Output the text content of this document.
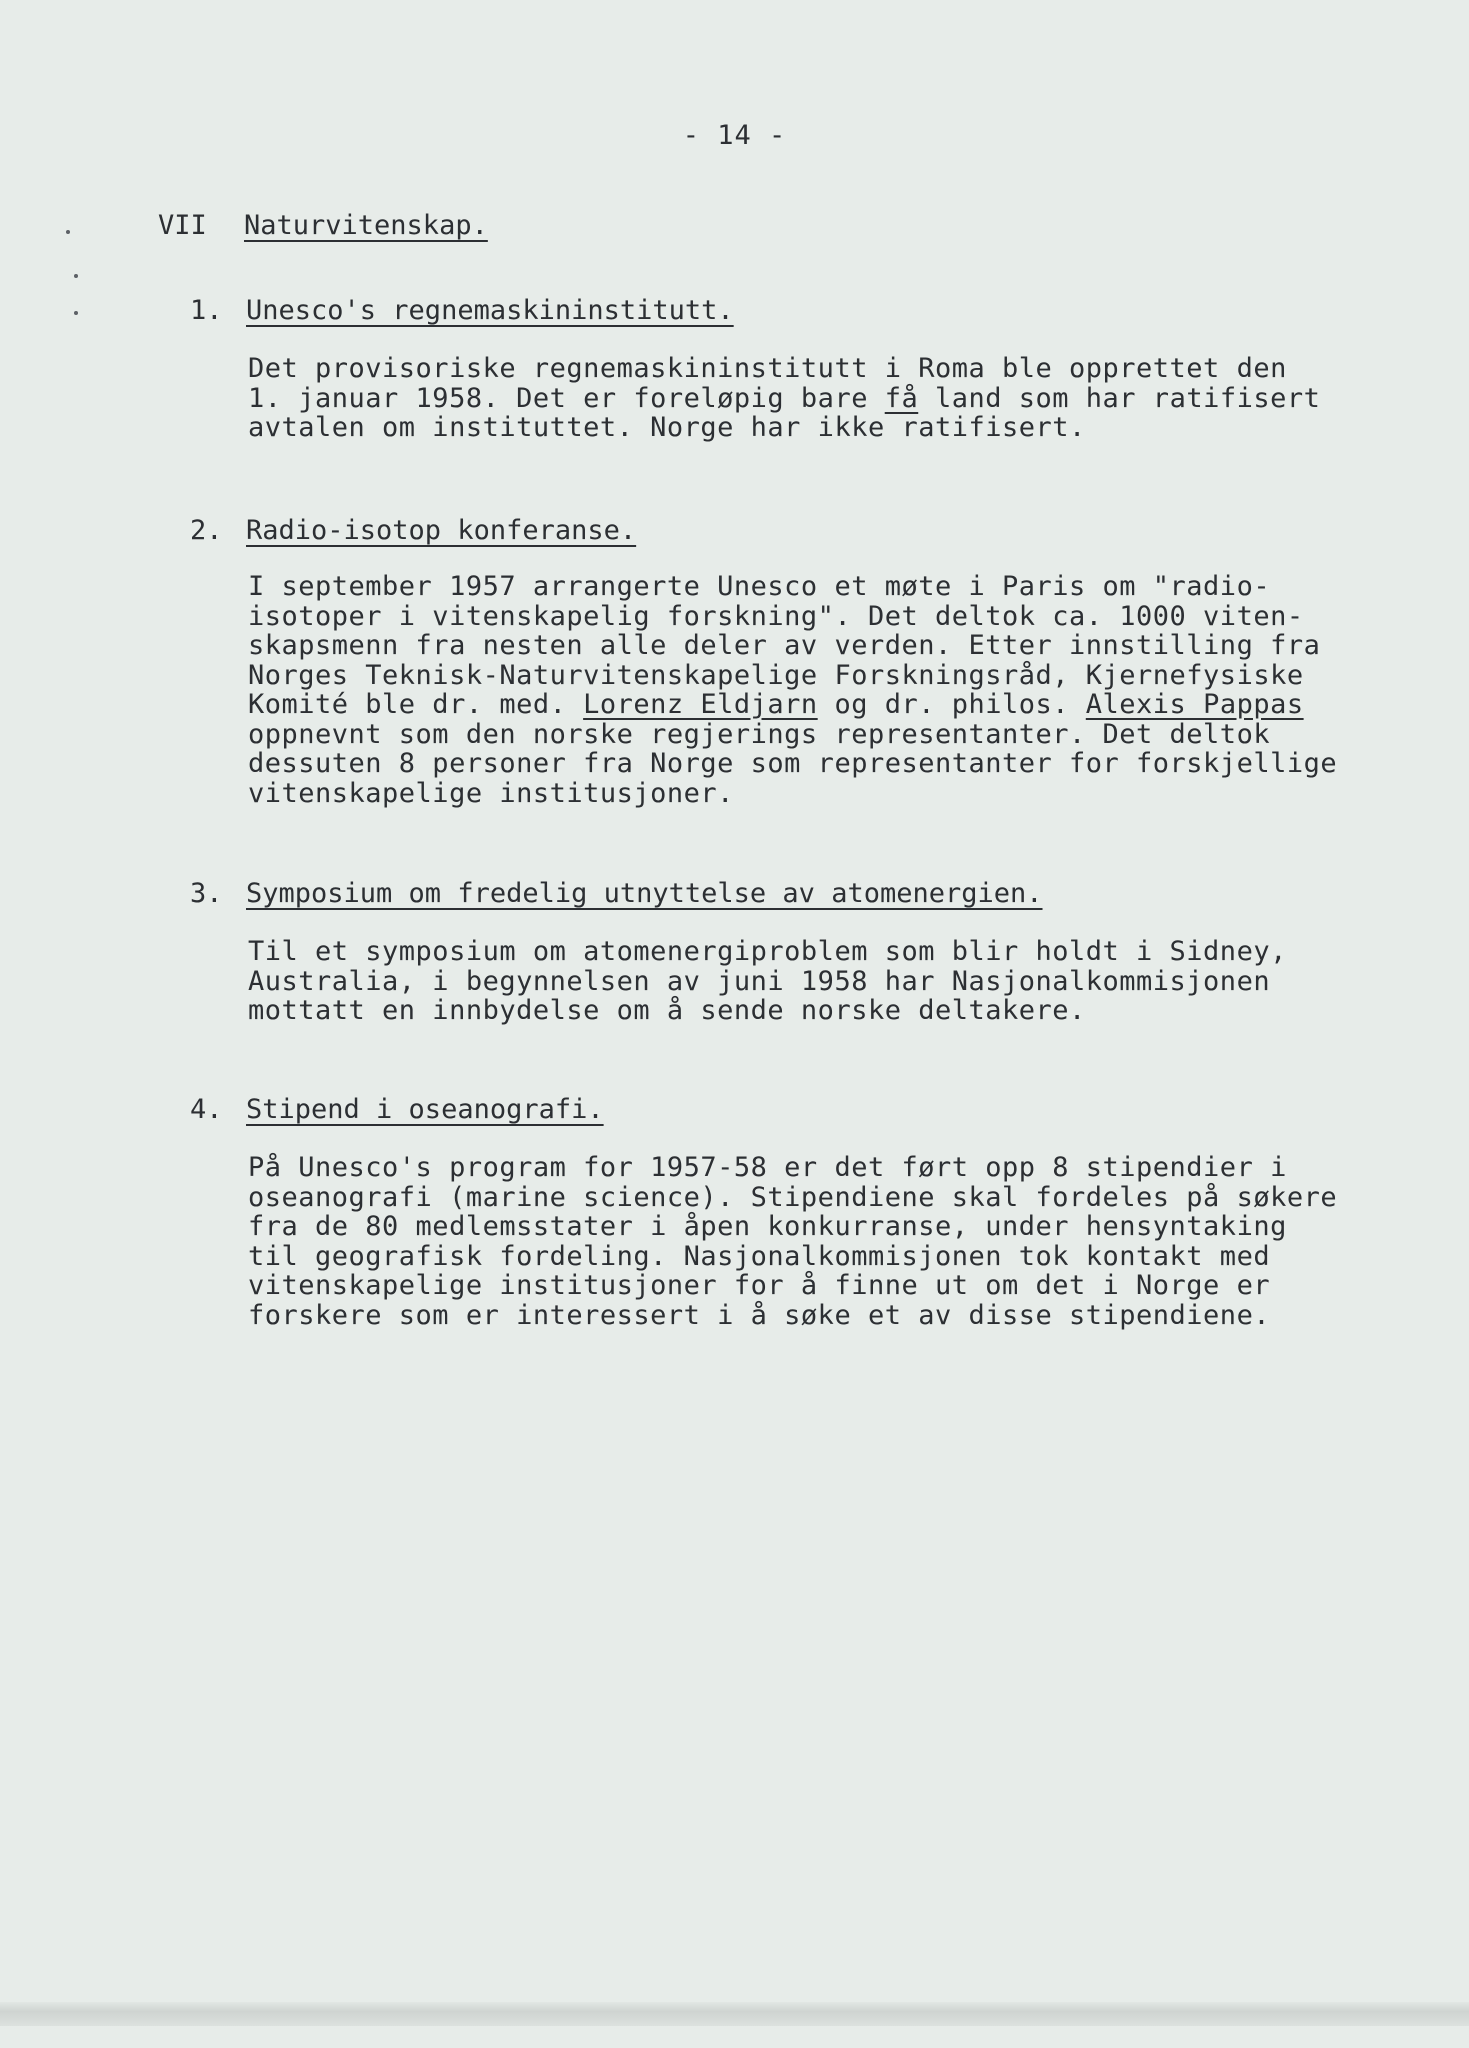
- 14 -
VII Naturvitenskap.
1. Unesco's regnemaskininstitutt.
Det provisoriske regnemaskininstitutt i Roma ble opprettet den
1. januar 1958. Det er foreløpig bare få land som har ratifisert
avtalen om instituttet. Norge har ikke ratifisert.
2. Radio-isotop konferanse.
I september 1957 arrangerte Unesco et møte i Paris om "radio-
isotoper i vitenskapelig forskning". Det deltok ca. 1000 viten-
skapsmenn fra nesten alle deler av verden. Etter innstilling fra
Norges Teknisk-Naturvitenskapelige Forskningsråd, Kjernefysiske
Komité ble dr. med. Lorenz Eldjarn og dr. philos. Alexis Pappas
oppnevnt som den norske regjerings representanter. Det deltok
dessuten 8 personer fra Norge som representanter for forskjellige
vitenskapelige institusjoner.
3. Symposium om fredelig utnyttelse av atomenergien.
Til et symposium om atomenergiproblem som blir holdt i Sidney,
Australia, i begynnelsen av juni 1958 har Nasjonalkommisjonen
mottatt en innbydelse om å sende norske deltakere.
4. Stipend i oseanografi.
På Unesco's program for 1957-58 er det ført opp 8 stipendier i
oseanografi (marine science). Stipendiene skal fordeles på søkere
fra de 80 medlemsstater i åpen konkurranse, under hensyntaking
til geografisk fordeling. Nasjonalkommisjonen tok kontakt med
vitenskapelige institusjoner for å finne ut om det i Norge er
forskere som er interessert i å søke et av disse stipendiene.
